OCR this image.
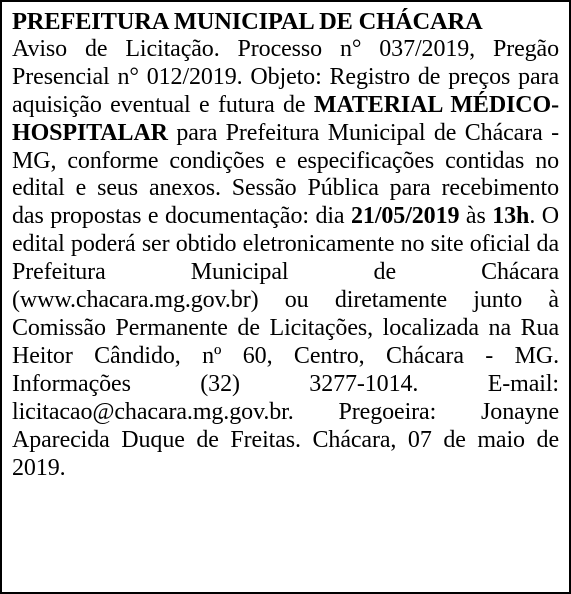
PREFEITURA MUNICIPAL DE CHÁCARA
Aviso de Licitação. Processo n° 037/2019, Pregão Presencial n° 012/2019. Objeto: Registro de preços para aquisição eventual e futura de MATERIAL MÉDICO-HOSPITALAR para Prefeitura Municipal de Chácara - MG, conforme condições e especificações contidas no edital e seus anexos. Sessão Pública para recebimento das propostas e documentação: dia 21/05/2019 às 13h. O edital poderá ser obtido eletronicamente no site oficial da Prefeitura Municipal de Chácara (www.chacara.mg.gov.br) ou diretamente junto à Comissão Permanente de Licitações, localizada na Rua Heitor Cândido, nº 60, Centro, Chácara - MG. Informações (32) 3277-1014. E-mail: licitacao@chacara.mg.gov.br. Pregoeira: Jonayne Aparecida Duque de Freitas. Chácara, 07 de maio de 2019.
